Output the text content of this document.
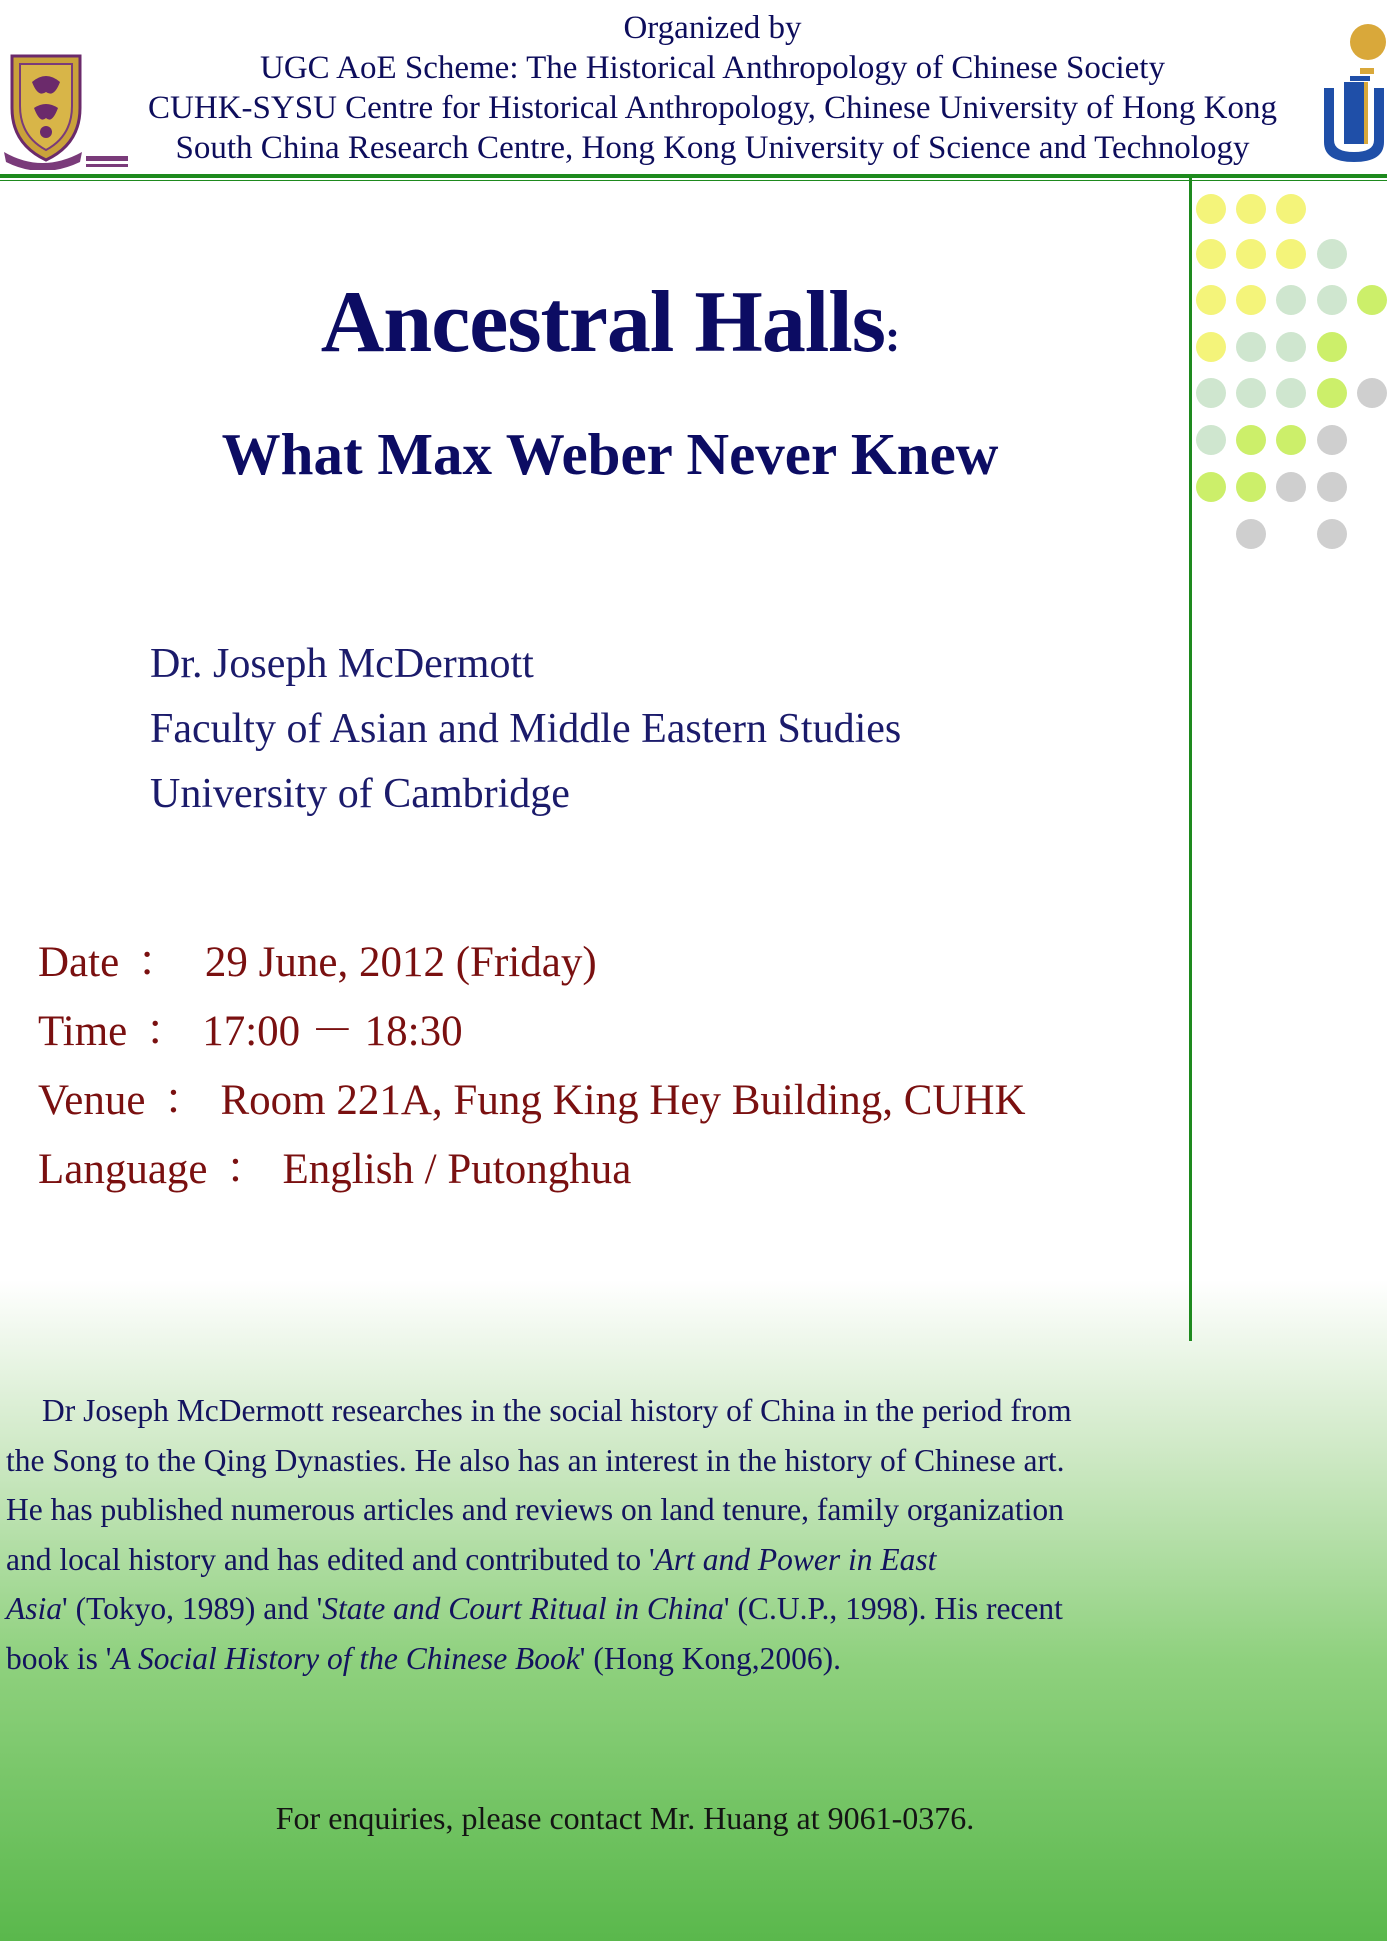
Organized by
UGC AoE Scheme: The Historical Anthropology of Chinese Society
CUHK-SYSU Centre for Historical Anthropology, Chinese University of Hong Kong
South China Research Centre, Hong Kong University of Science and Technology
Ancestral Halls:
What Max Weber Never Knew
Dr. Joseph McDermott
Faculty of Asian and Middle Eastern Studies
University of Cambridge
Date ： 29 June, 2012 (Friday)
Time ： 17:00 － 18:30
Venue ： Room 221A, Fung King Hey Building, CUHK
Language ： English / Putonghua
Dr Joseph McDermott researches in the social history of China in the period from
the Song to the Qing Dynasties. He also has an interest in the history of Chinese art.
He has published numerous articles and reviews on land tenure, family organization
and local history and has edited and contributed to 'Art and Power in East
Asia' (Tokyo, 1989) and 'State and Court Ritual in China' (C.U.P., 1998). His recent
book is 'A Social History of the Chinese Book' (Hong Kong,2006).
For enquiries, please contact Mr. Huang at 9061-0376.
